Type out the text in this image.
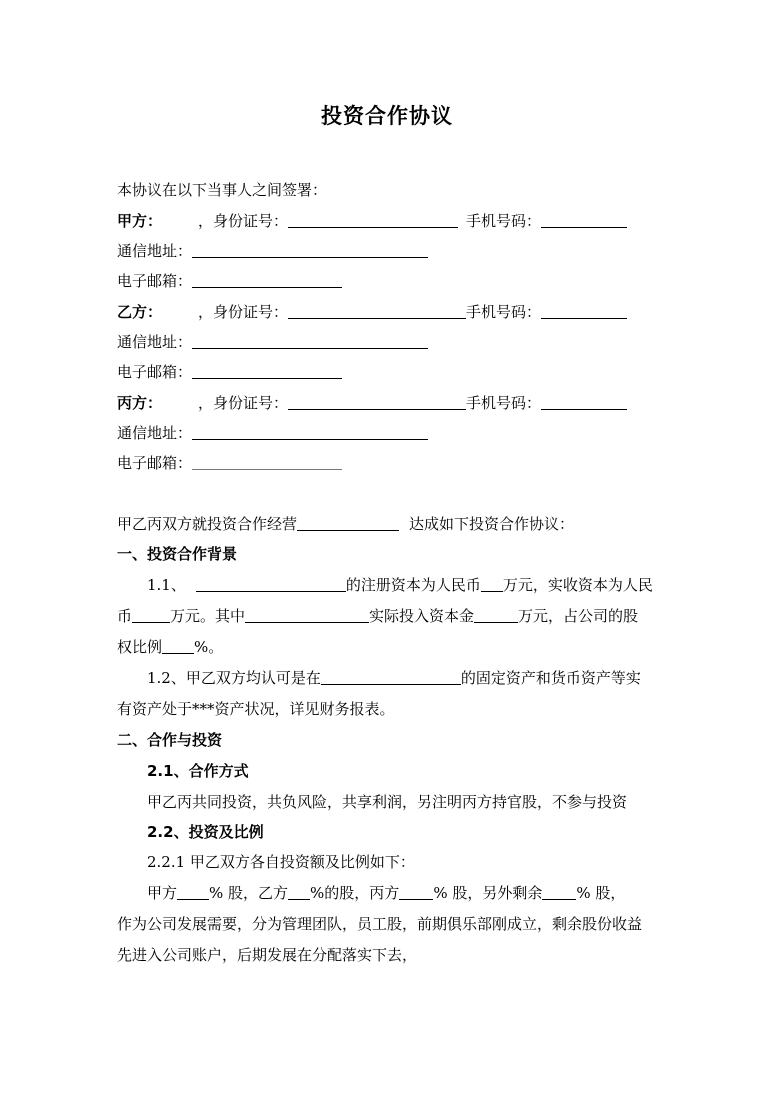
投资合作协议
本协议在以下当事人之间签署：
甲方： ，身份证号：	手机号码：
通信地址：
电子邮箱：
乙方： ，身份证号：	手机号码：
通信地址：
电子邮箱：
丙方： ，身份证号：	手机号码：
通信地址：
电子邮箱：
甲乙丙双方就投资合作经营	达成如下投资合作协议：
一、投资合作背景
1.1、	的注册资本为人民币 万元，实收资本为人民
币	万元。其中	实际投入资本金	万元，占公司的股
权比例 %。
1.2、甲乙双方均认可是在	的固定资产和货币资产等实
有资产处于***资产状况，详见财务报表。
二、合作与投资
2.1、合作方式
甲乙丙共同投资，共负风险，共享利润，另注明丙方持官股，不参与投资
2.2、投资及比例
2.2.1 甲乙双方各自投资额及比例如下：
甲方 % 股，乙方 %的股，丙方 % 股，另外剩余 % 股，
作为公司发展需要，分为管理团队，员工股，前期俱乐部刚成立，剩余股份收益
先进入公司账户，后期发展在分配落实下去，
